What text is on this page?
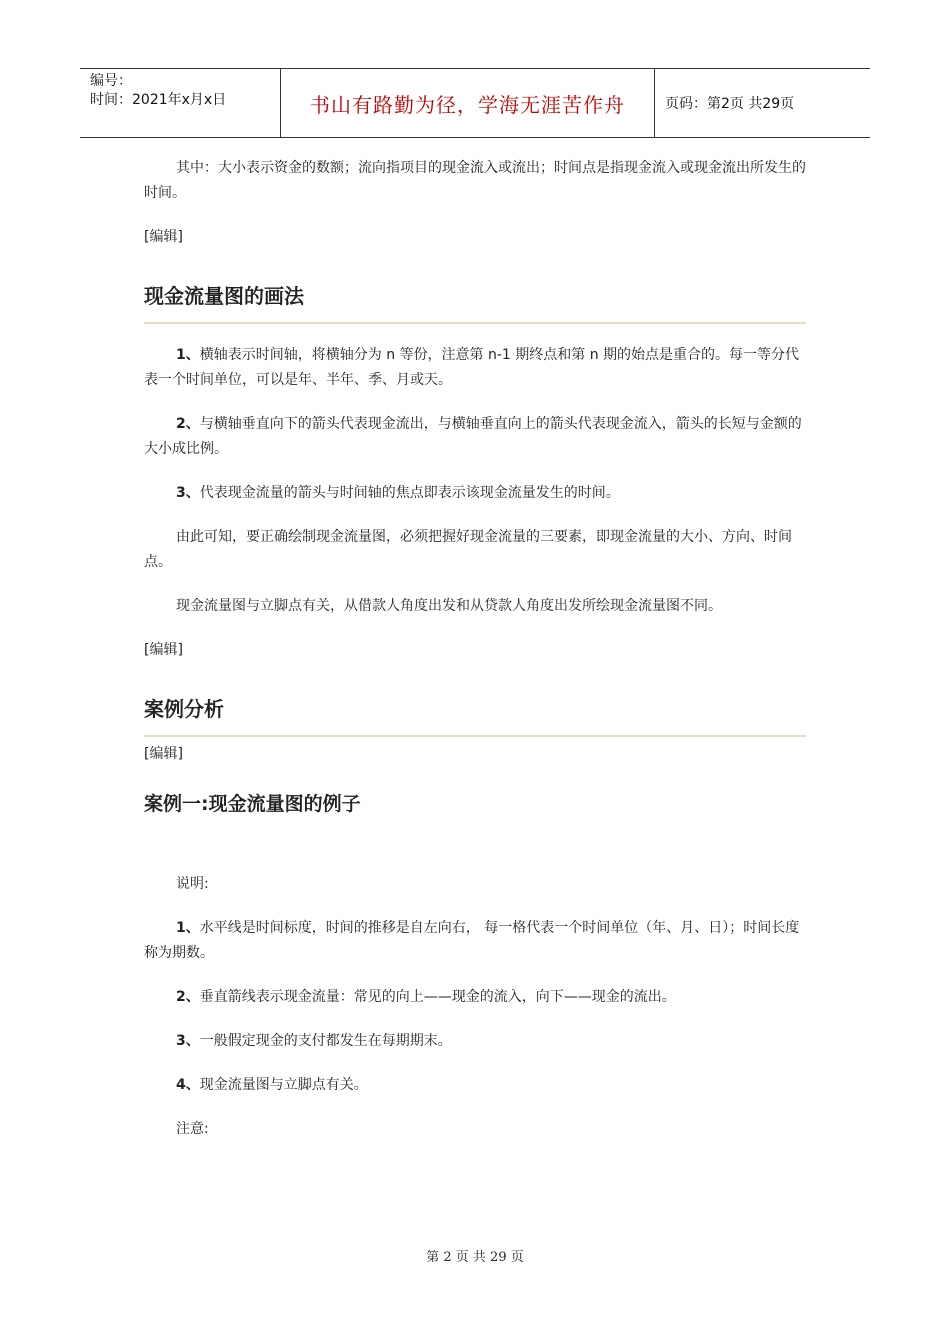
编号：
时间：2021年x月x日	书山有路勤为径，学海无涯苦作舟	页码：第2页 共29页

其中：大小表示资金的数额；流向指项目的现金流入或流出；时间点是指现金流入或现金流出所发生的时间。

[编辑]

现金流量图的画法

1、横轴表示时间轴，将横轴分为 n 等份，注意第 n-1 期终点和第 n 期的始点是重合的。每一等分代表一个时间单位，可以是年、半年、季、月或天。

2、与横轴垂直向下的箭头代表现金流出，与横轴垂直向上的箭头代表现金流入，箭头的长短与金额的大小成比例。

3、代表现金流量的箭头与时间轴的焦点即表示该现金流量发生的时间。

由此可知，要正确绘制现金流量图，必须把握好现金流量的三要素，即现金流量的大小、方向、时间点。

现金流量图与立脚点有关，从借款人角度出发和从贷款人角度出发所绘现金流量图不同。

[编辑]

案例分析

[编辑]

案例一:现金流量图的例子

说明:

1、水平线是时间标度，时间的推移是自左向右， 每一格代表一个时间单位（年、月、日）；时间长度称为期数。

2、垂直箭线表示现金流量：常见的向上——现金的流入，向下——现金的流出。

3、一般假定现金的支付都发生在每期期末。

4、现金流量图与立脚点有关。

注意:

第 2 页 共 29 页
